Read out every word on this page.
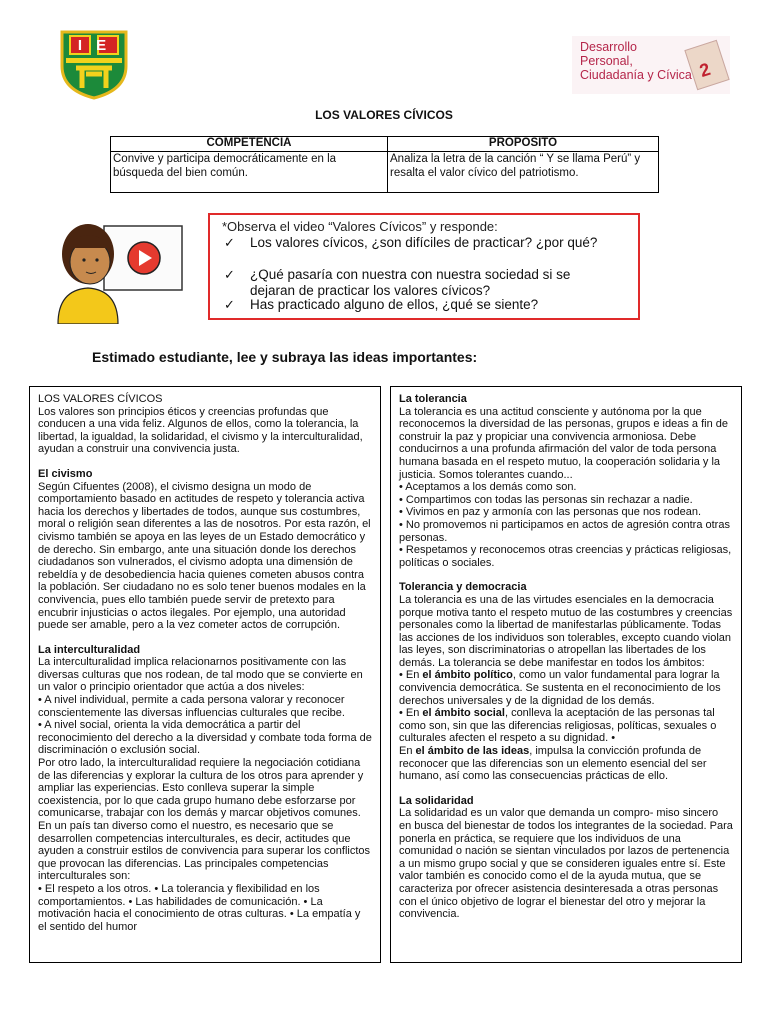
IE	Desarrollo Personal, Ciudadanía y Cívica 2
LOS VALORES CÍVICOS
COMPETENCIA	PROPOSITO
Convive y participa democráticamente en la búsqueda del bien común.	Analiza la letra de la canción “ Y se llama Perú” y resalta el valor cívico del patriotismo.
*Observa el video “Valores Cívicos” y responde:
✓ Los valores cívicos, ¿son difíciles de practicar? ¿por qué?
✓ ¿Qué pasaría con nuestra con nuestra sociedad si se dejaran de practicar los valores cívicos?
✓ Has practicado alguno de ellos, ¿qué se siente?
Estimado estudiante, lee y subraya las ideas importantes:

LOS VALORES CÍVICOS

Los valores son principios éticos y creencias profundas que conducen a una vida feliz. Algunos de ellos, como la tolerancia, la libertad, la igualdad, la solidaridad, el civismo y la interculturalidad, ayudan a construir una convivencia justa.

El civismo

Según Cifuentes (2008), el civismo designa un modo de comportamiento basado en actitudes de respeto y tolerancia activa hacia los derechos y libertades de todos, aunque sus costumbres, moral o religión sean diferentes a las de nosotros. Por esta razón, el civismo también se apoya en las leyes de un Estado democrático y de derecho. Sin embargo, ante una situación donde los derechos ciudadanos son vulnerados, el civismo adopta una dimensión de rebeldía y de desobediencia hacia quienes cometen abusos contra la población. Ser ciudadano no es solo tener buenos modales en la convivencia, pues ello también puede servir de pretexto para encubrir injusticias o actos ilegales. Por ejemplo, una autoridad puede ser amable, pero a la vez cometer actos de corrupción.

La interculturalidad

La interculturalidad implica relacionarnos positivamente con las diversas culturas que nos rodean, de tal modo que se convierte en un valor o principio orientador que actúa a dos niveles:

• A nivel individual, permite a cada persona valorar y reconocer conscientemente las diversas influencias culturales que recibe.

• A nivel social, orienta la vida democrática a partir del reconocimiento del derecho a la diversidad y combate toda forma de discriminación o exclusión social.

Por otro lado, la interculturalidad requiere la negociación cotidiana de las diferencias y explorar la cultura de los otros para aprender y ampliar las experiencias. Esto conlleva superar la simple coexistencia, por lo que cada grupo humano debe esforzarse por comunicarse, trabajar con los demás y marcar objetivos comunes.

En un país tan diverso como el nuestro, es necesario que se desarrollen competencias interculturales, es decir, actitudes que ayuden a construir estilos de convivencia para superar los conflictos que provocan las diferencias. Las principales competencias interculturales son:

• El respeto a los otros. • La tolerancia y flexibilidad en los comportamientos. • Las habilidades de comunicación. • La motivación hacia el conocimiento de otras culturas. • La empatía y el sentido del humor

La tolerancia

La tolerancia es una actitud consciente y autónoma por la que reconocemos la diversidad de las personas, grupos e ideas a fin de construir la paz y propiciar una convivencia armoniosa. Debe conducirnos a una profunda afirmación del valor de toda persona humana basada en el respeto mutuo, la cooperación solidaria y la justicia. Somos tolerantes cuando...

• Aceptamos a los demás como son.

• Compartimos con todas las personas sin rechazar a nadie.

• Vivimos en paz y armonía con las personas que nos rodean.

• No promovemos ni participamos en actos de agresión contra otras personas.

• Respetamos y reconocemos otras creencias y prácticas religiosas, políticas o sociales.

Tolerancia y democracia

La tolerancia es una de las virtudes esenciales en la democracia porque motiva tanto el respeto mutuo de las costumbres y creencias personales como la libertad de manifestarlas públicamente. Todas las acciones de los individuos son tolerables, excepto cuando violan las leyes, son discriminatorias o atropellan las libertades de los demás. La tolerancia se debe manifestar en todos los ámbitos:

• En el ámbito político, como un valor fundamental para lograr la convivencia democrática. Se sustenta en el reconocimiento de los derechos universales y de la dignidad de los demás.

• En el ámbito social, conlleva la aceptación de las personas tal como son, sin que las diferencias religiosas, políticas, sexuales o culturales afecten el respeto a su dignidad. •

En el ámbito de las ideas, impulsa la convicción profunda de reconocer que las diferencias son un elemento esencial del ser humano, así como las consecuencias prácticas de ello.

La solidaridad

La solidaridad es un valor que demanda un compro- miso sincero en busca del bienestar de todos los integrantes de la sociedad. Para ponerla en práctica, se requiere que los individuos de una comunidad o nación se sientan vinculados por lazos de pertenencia a un mismo grupo social y que se consideren iguales entre sí. Este valor también es conocido como el de la ayuda mutua, que se caracteriza por ofrecer asistencia desinteresada a otras personas con el único objetivo de lograr el bienestar del otro y mejorar la convivencia.
